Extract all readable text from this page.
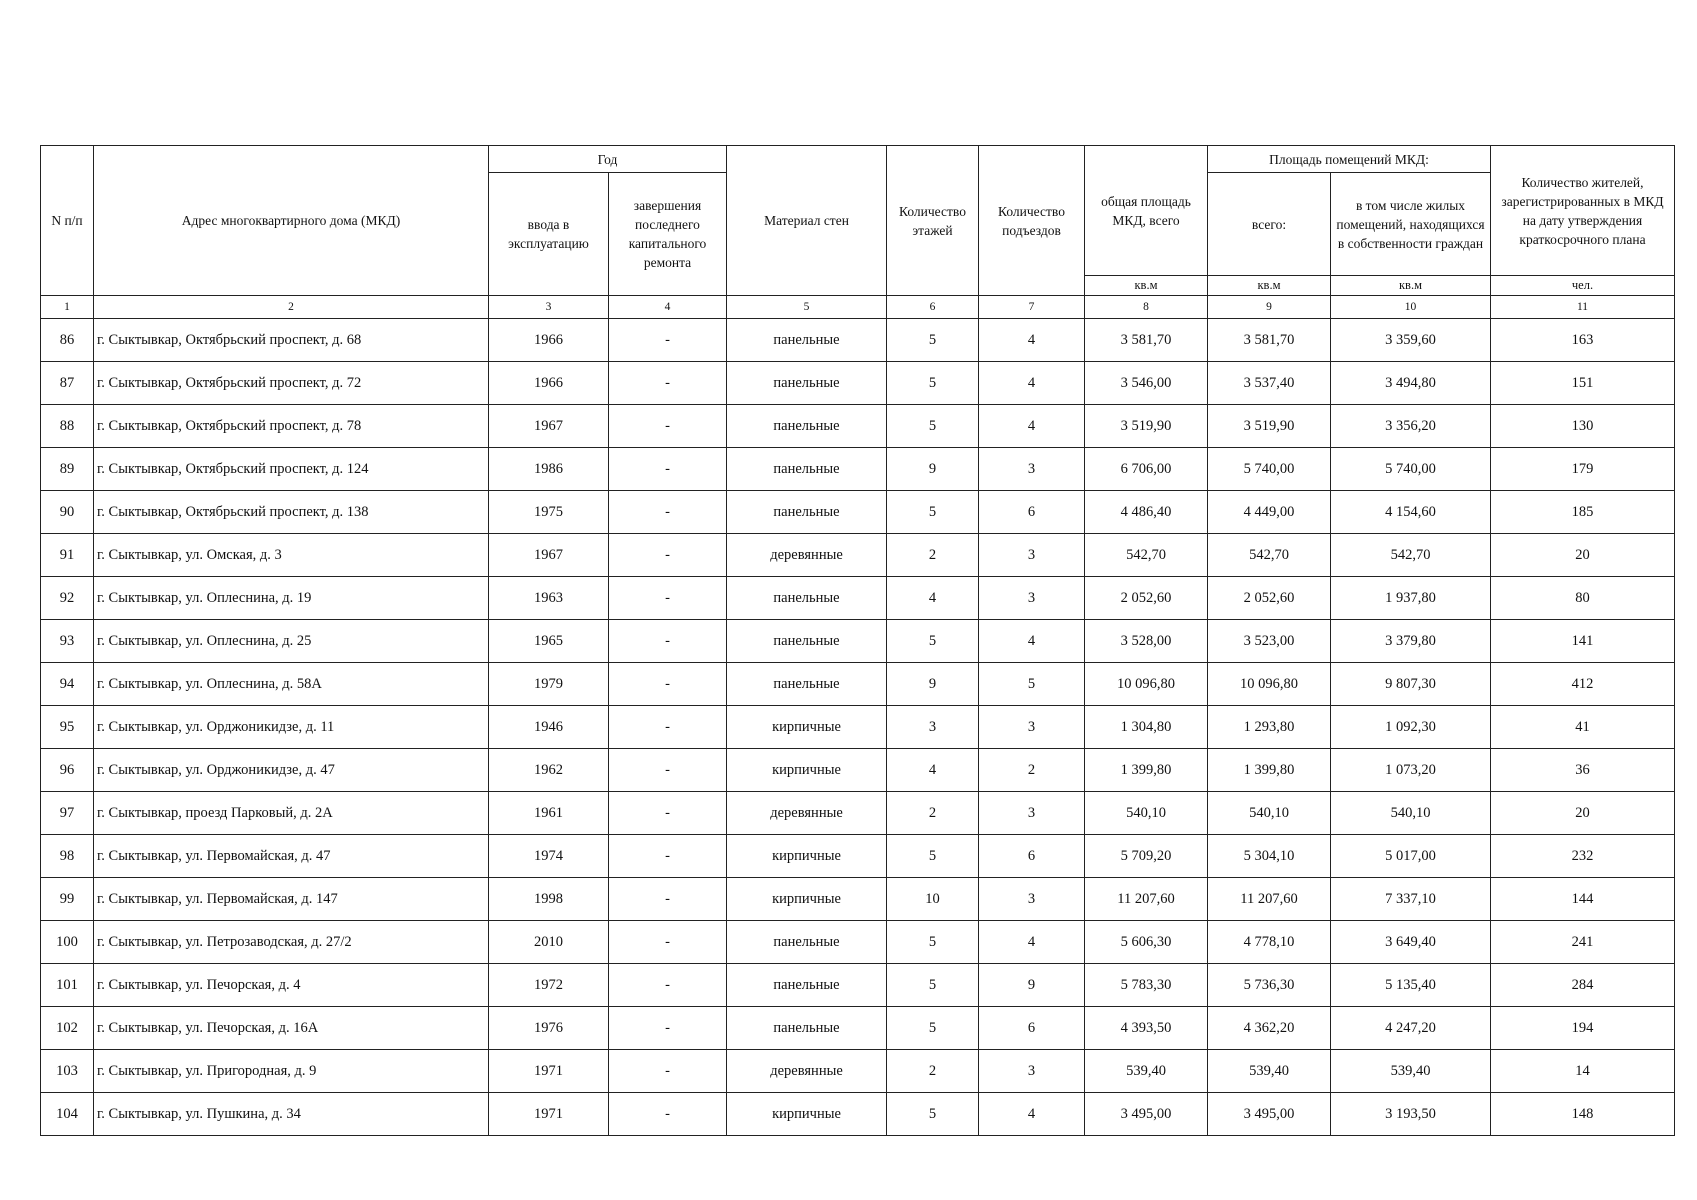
N п/п	Адрес многоквартирного дома (МКД)	Год		Материал стен	Количество этажей	Количество подъездов	общая площадь МКД, всего	Площадь помещений МКД:		Количество жителей, зарегистрированных в МКД на дату утверждения краткосрочного плана
		ввода в эксплуатацию	завершения последнего капитального ремонта					всего:	в том числе жилых помещений, находящихся в собственности граждан	
							кв.м	кв.м	кв.м	чел.
1	2	3	4	5	6	7	8	9	10	11
86	г. Сыктывкар, Октябрьский проспект, д. 68	1966	-	панельные	5	4	3 581,70	3 581,70	3 359,60	163
87	г. Сыктывкар, Октябрьский проспект, д. 72	1966	-	панельные	5	4	3 546,00	3 537,40	3 494,80	151
88	г. Сыктывкар, Октябрьский проспект, д. 78	1967	-	панельные	5	4	3 519,90	3 519,90	3 356,20	130
89	г. Сыктывкар, Октябрьский проспект, д. 124	1986	-	панельные	9	3	6 706,00	5 740,00	5 740,00	179
90	г. Сыктывкар, Октябрьский проспект, д. 138	1975	-	панельные	5	6	4 486,40	4 449,00	4 154,60	185
91	г. Сыктывкар, ул. Омская, д. 3	1967	-	деревянные	2	3	542,70	542,70	542,70	20
92	г. Сыктывкар, ул. Оплеснина, д. 19	1963	-	панельные	4	3	2 052,60	2 052,60	1 937,80	80
93	г. Сыктывкар, ул. Оплеснина, д. 25	1965	-	панельные	5	4	3 528,00	3 523,00	3 379,80	141
94	г. Сыктывкар, ул. Оплеснина, д. 58А	1979	-	панельные	9	5	10 096,80	10 096,80	9 807,30	412
95	г. Сыктывкар, ул. Орджоникидзе, д. 11	1946	-	кирпичные	3	3	1 304,80	1 293,80	1 092,30	41
96	г. Сыктывкар, ул. Орджоникидзе, д. 47	1962	-	кирпичные	4	2	1 399,80	1 399,80	1 073,20	36
97	г. Сыктывкар, проезд Парковый, д. 2А	1961	-	деревянные	2	3	540,10	540,10	540,10	20
98	г. Сыктывкар, ул. Первомайская, д. 47	1974	-	кирпичные	5	6	5 709,20	5 304,10	5 017,00	232
99	г. Сыктывкар, ул. Первомайская, д. 147	1998	-	кирпичные	10	3	11 207,60	11 207,60	7 337,10	144
100	г. Сыктывкар, ул. Петрозаводская, д. 27/2	2010	-	панельные	5	4	5 606,30	4 778,10	3 649,40	241
101	г. Сыктывкар, ул. Печорская, д. 4	1972	-	панельные	5	9	5 783,30	5 736,30	5 135,40	284
102	г. Сыктывкар, ул. Печорская, д. 16А	1976	-	панельные	5	6	4 393,50	4 362,20	4 247,20	194
103	г. Сыктывкар, ул. Пригородная, д. 9	1971	-	деревянные	2	3	539,40	539,40	539,40	14
104	г. Сыктывкар, ул. Пушкина, д. 34	1971	-	кирпичные	5	4	3 495,00	3 495,00	3 193,50	148
